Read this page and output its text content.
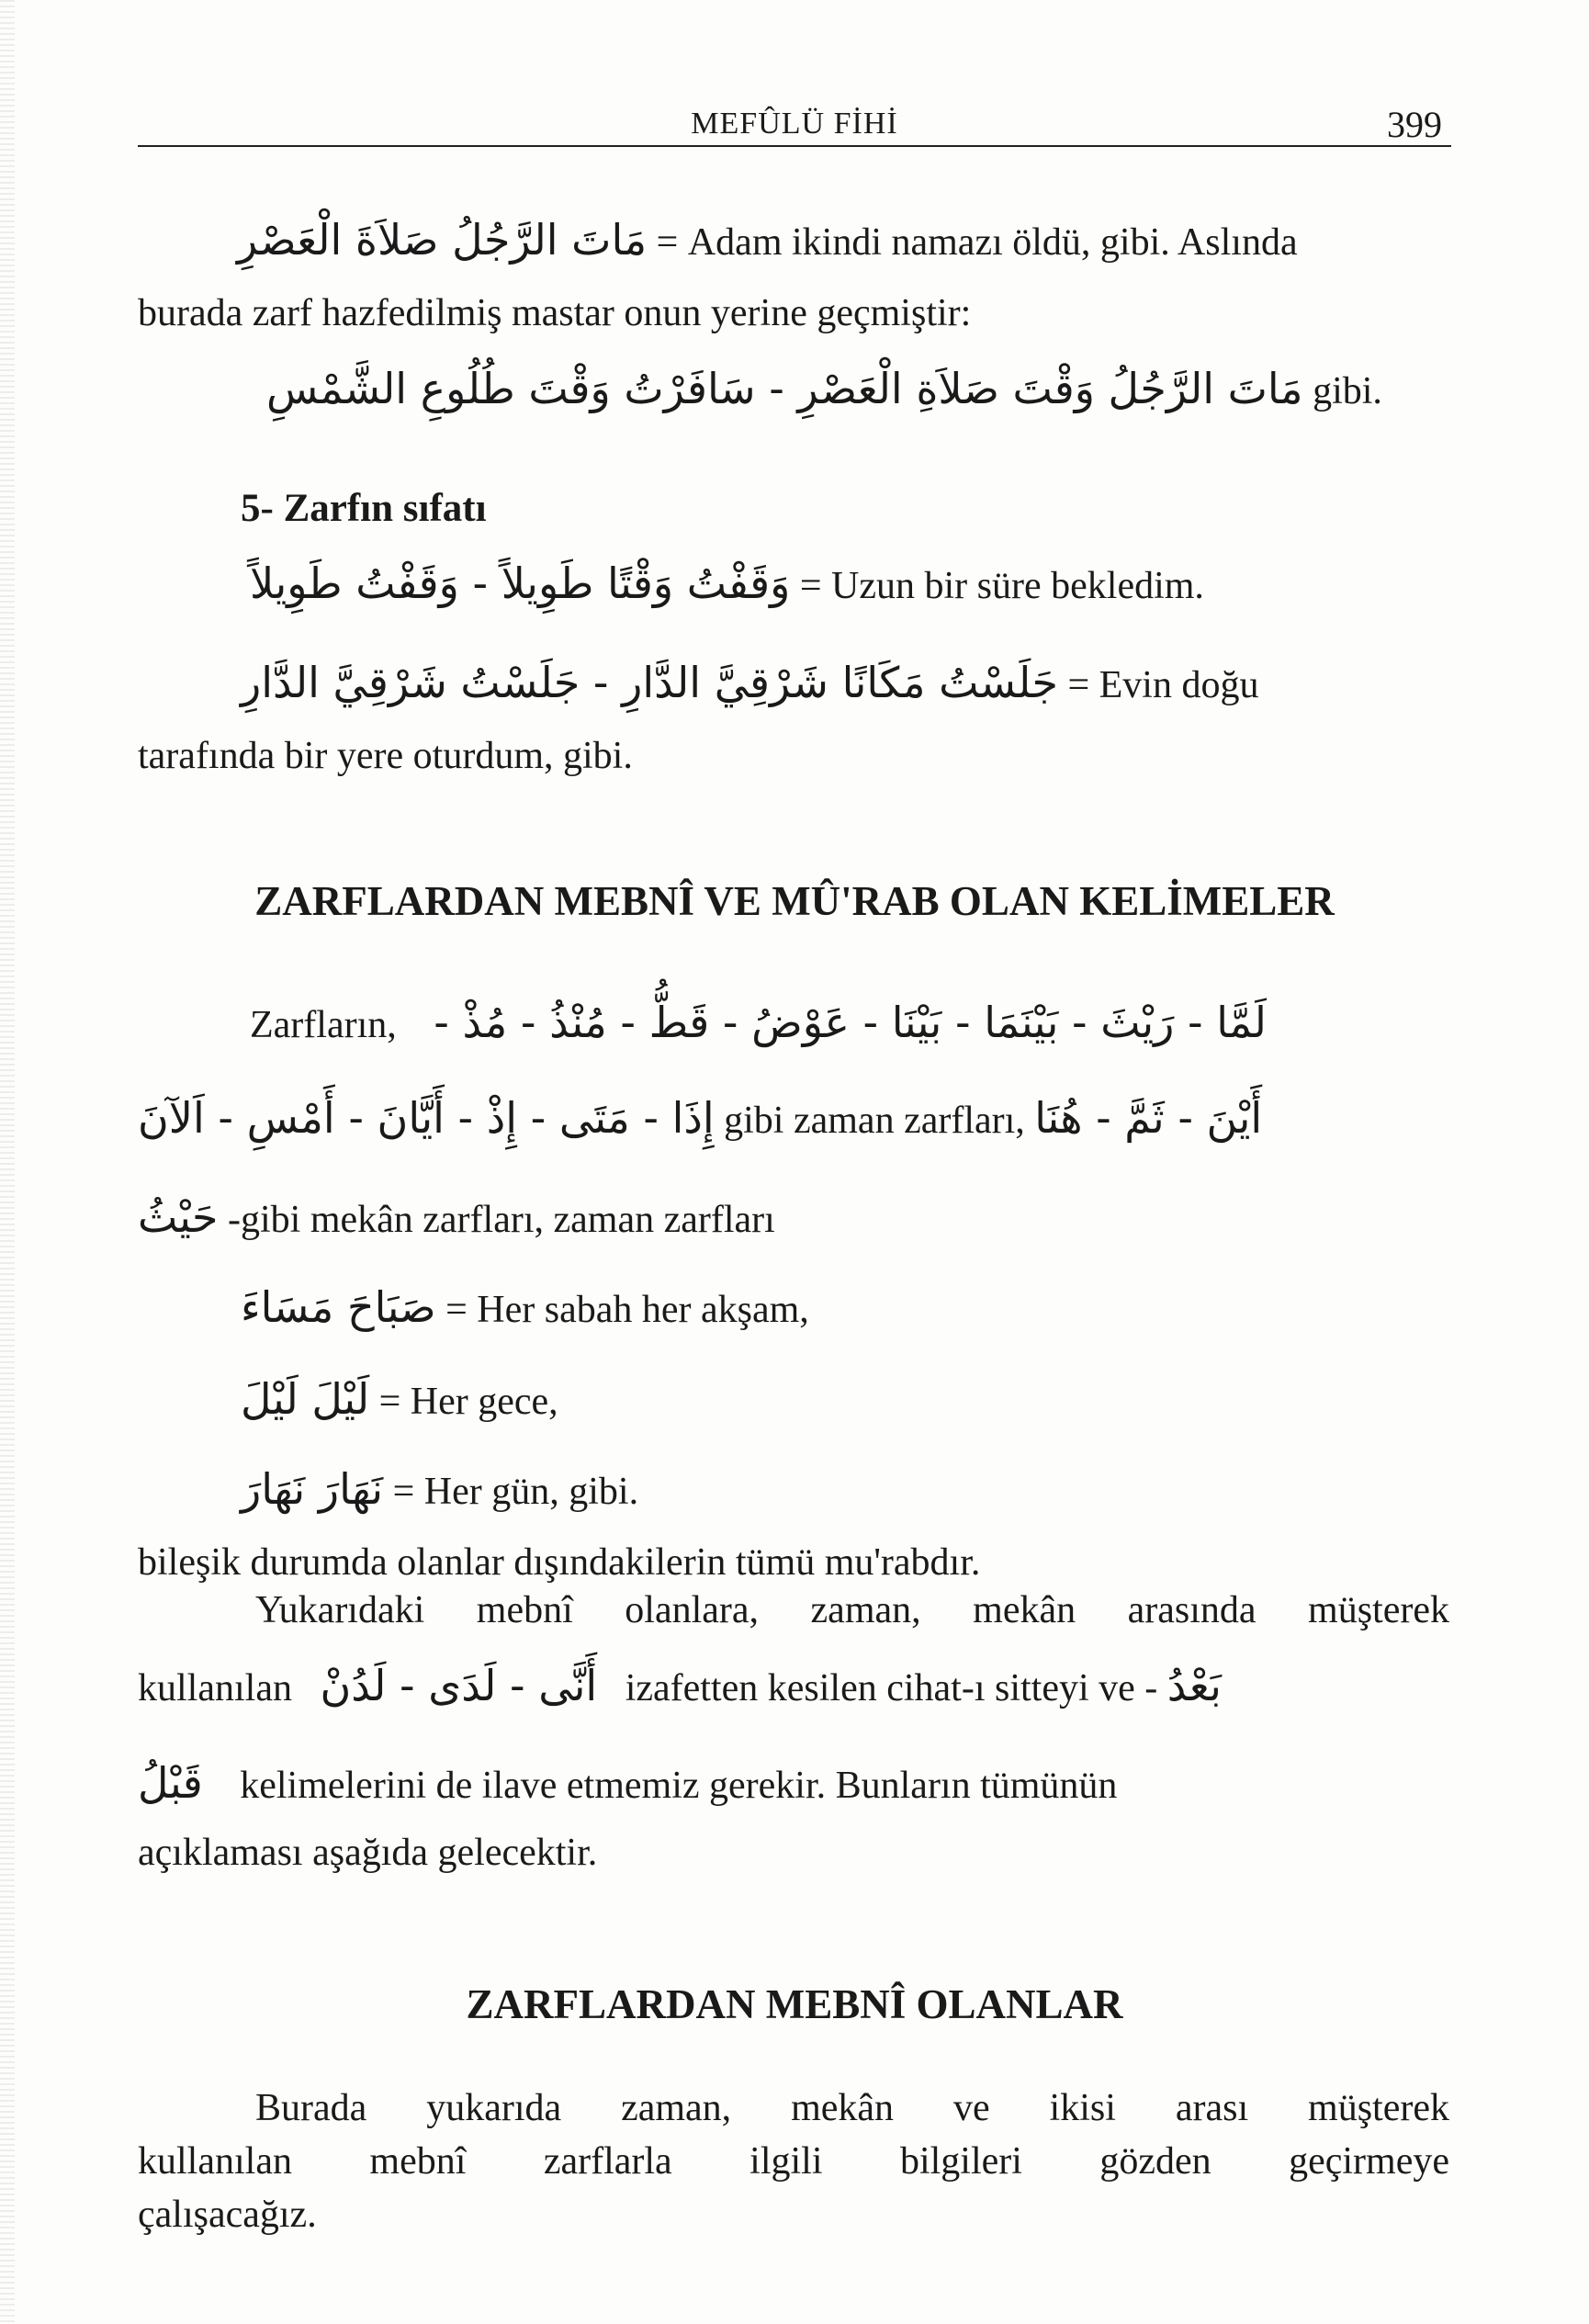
MEFÛLÜ FİHİ	399
مَاتَ الرَّجُلُ صَلاَةَ الْعَصْرِ = Adam ikindi namazı öldü, gibi. Aslında
burada zarf hazfedilmiş mastar onun yerine geçmiştir:
مَاتَ الرَّجُلُ وَقْتَ صَلاَةِ الْعَصْرِ - سَافَرْتُ وَقْتَ طُلُوعِ الشَّمْسِ gibi.
5- Zarfın sıfatı
وَقَفْتُ وَقْتًا طَوِيلاً - وَقَفْتُ طَوِيلاً = Uzun bir süre bekledim.
جَلَسْتُ مَكَانًا شَرْقِيَّ الدَّارِ - جَلَسْتُ شَرْقِيَّ الدَّارِ = Evin doğu
tarafında bir yere oturdum, gibi.
ZARFLARDAN MEBNÎ VE MÛ'RAB OLAN KELİMELER
Zarfların, لَمَّا - رَيْثَ - بَيْنَمَا - بَيْنَا - عَوْضُ - قَطُّ - مُنْذُ - مُذْ -
إِذَا - مَتَى - إِذْ - أَيَّانَ - أَمْسِ - اَلآنَ gibi zaman zarfları, أَيْنَ - ثَمَّ - هُنَا
حَيْثُ -gibi mekân zarfları, zaman zarfları
صَبَاحَ مَسَاءَ = Her sabah her akşam,
لَيْلَ لَيْلَ = Her gece,
نَهَارَ نَهَارَ = Her gün, gibi.
bileşik durumda olanlar dışındakilerin tümü mu'rabdır.
Yukarıdaki mebnî olanlara, zaman, mekân arasında müşterek
kullanılan أَنَّى - لَدَى - لَدُنْ izafetten kesilen cihat-ı sitteyi ve - بَعْدُ
قَبْلُ kelimelerini de ilave etmemiz gerekir. Bunların tümünün
açıklaması aşağıda gelecektir.
ZARFLARDAN MEBNÎ OLANLAR
Burada yukarıda zaman, mekân ve ikisi arası müşterek
kullanılan mebnî zarflarla ilgili bilgileri gözden geçirmeye
çalışacağız.
